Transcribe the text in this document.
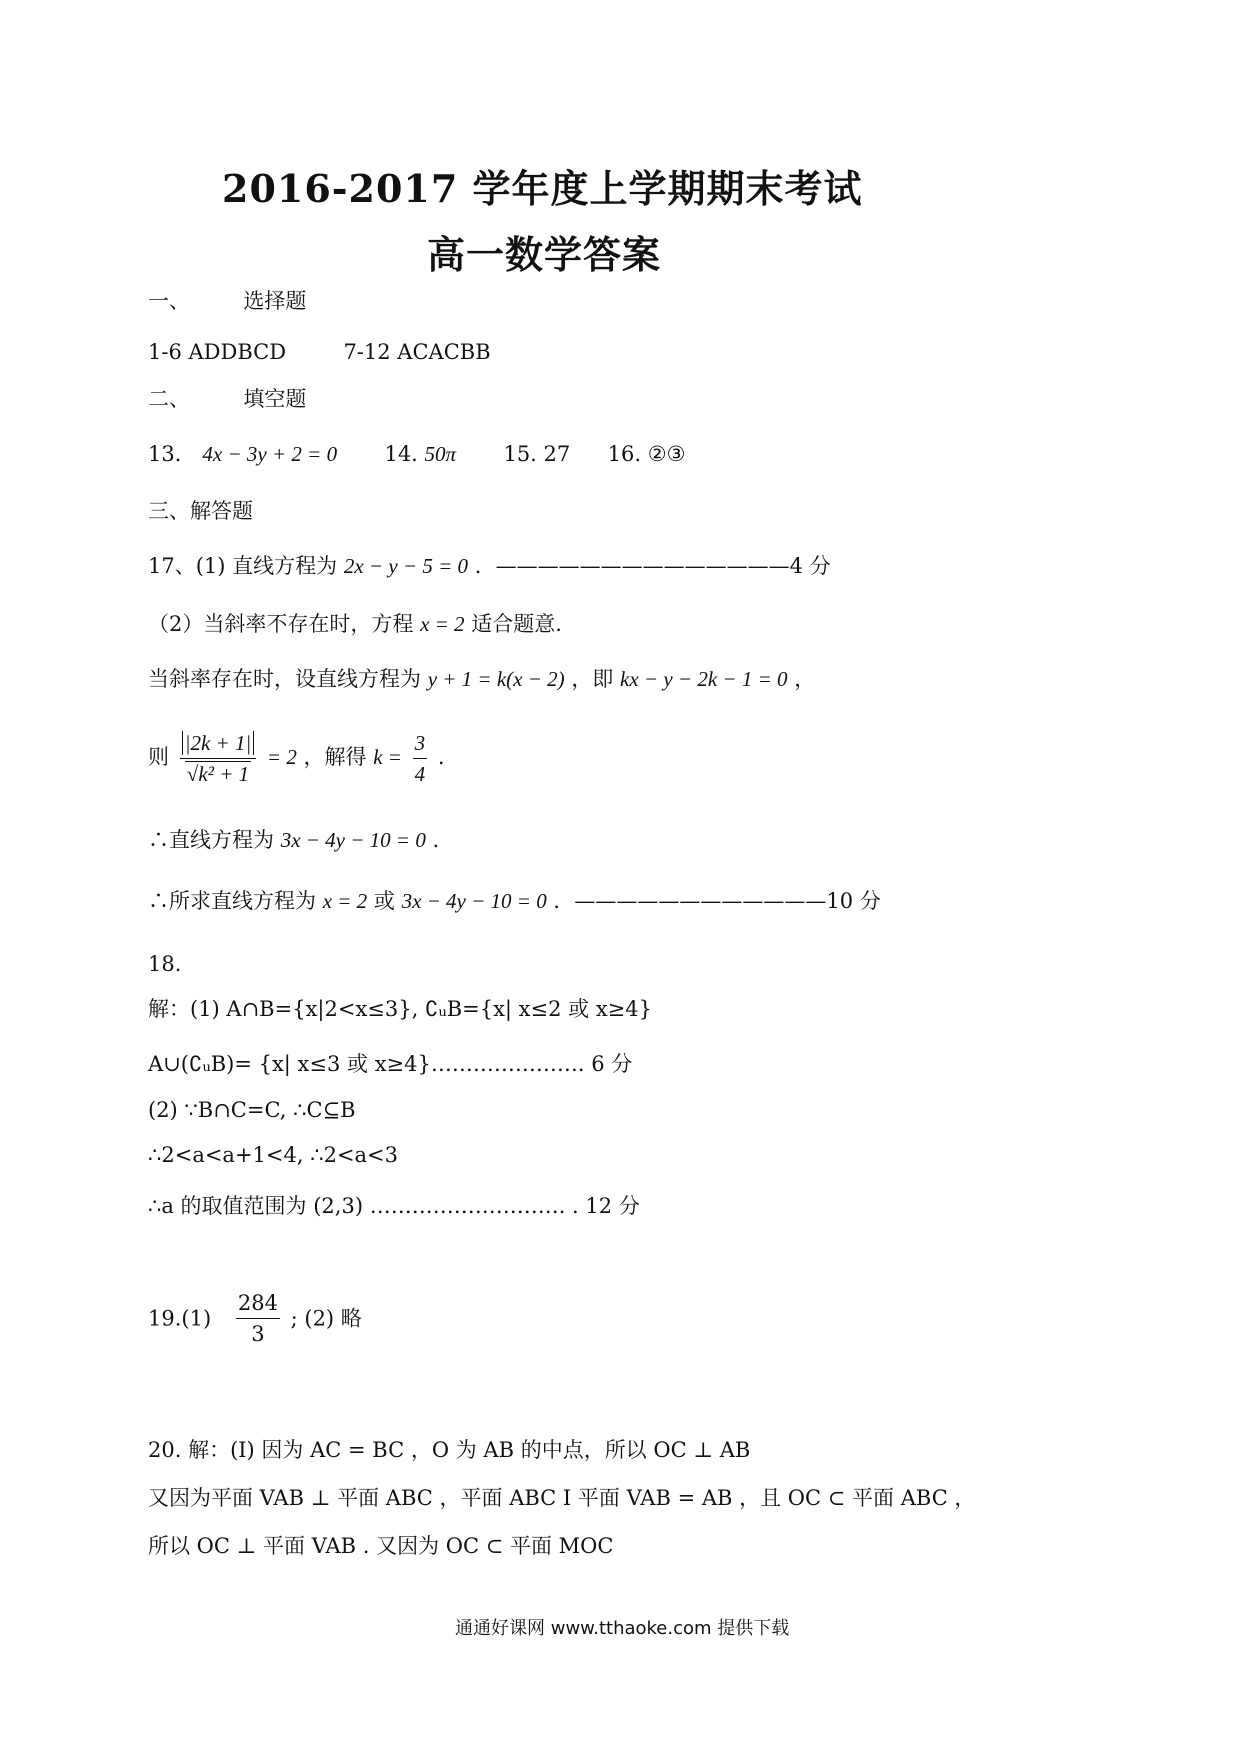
2016-2017 学年度上学期期末考试
高一数学答案
一、	选择题
1-6 ADDBCD	7-12 ACACBB
二、	填空题
13． 4x − 3y + 2 = 0 14. 50π 15. 27 16. ②③
三、解答题
17、(1) 直线方程为 2x − y − 5 = 0 ．——————————————4 分
（2）当斜率不存在时，方程 x = 2 适合题意.
当斜率存在时，设直线方程为 y + 1 = k(x − 2) ，即 kx − y − 2k − 1 = 0 ，
则 $\frac{|2k + 1|}{\text{√k² + 1}} = 2$ ，解得 $k = \frac{3}{4}$ .
∴直线方程为 3x − 4y − 10 = 0 .
∴所求直线方程为 x = 2 或 3x − 4y − 10 = 0 ．————————————10 分
18.
解：(1) A∩B={x|2<x≤3}, ∁ᵤB={x| x≤2 或 x≥4}
A∪(∁ᵤB)= {x| x≤3 或 x≥4}…………………. 6 分
(2) ∵B∩C=C, ∴C⊆B
∴2<a<a+1<4, ∴2<a<3
∴a 的取值范围为 (2,3) ………………………. . 12 分
$19.(1) \frac{284}{3}$ ; (2) 略
20. 解：(Ⅰ) 因为 AC = BC ，O 为 AB 的中点，所以 OC ⊥ AB
又因为平面 VAB ⊥ 平面 ABC ，平面 ABC Ι 平面 VAB = AB ，且 OC ⊂ 平面 ABC ，
所以 OC ⊥ 平面 VAB . 又因为 OC ⊂ 平面 MOC
通通好课网 www.tthaoke.com 提供下载
